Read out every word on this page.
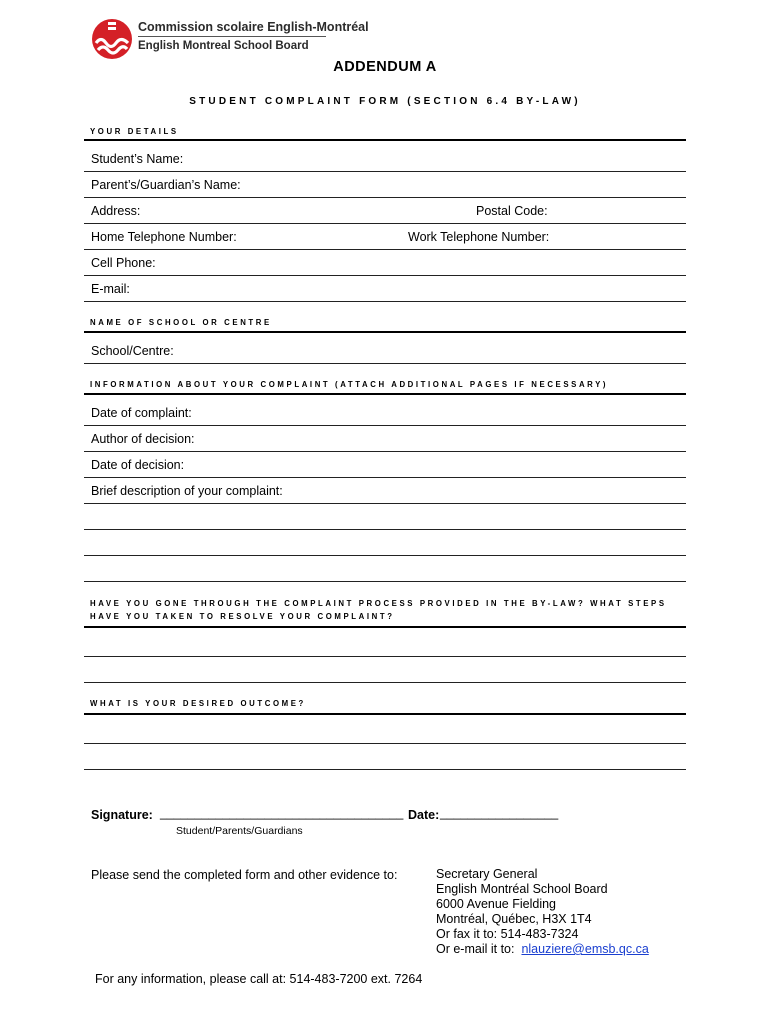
Commission scolaire English-Montréal
English Montreal School Board
ADDENDUM A
STUDENT COMPLAINT FORM (SECTION 6.4 BY-LAW)
YOUR DETAILS
Student’s Name:
Parent’s/Guardian’s Name:
Address:	Postal Code:
Home Telephone Number:	Work Telephone Number:
Cell Phone:
E-mail:
NAME OF SCHOOL OR CENTRE
School/Centre:
INFORMATION ABOUT YOUR COMPLAINT (ATTACH ADDITIONAL PAGES IF NECESSARY)
Date of complaint:
Author of decision:
Date of decision:
Brief description of your complaint:
HAVE YOU GONE THROUGH THE COMPLAINT PROCESS PROVIDED IN THE BY-LAW? WHAT STEPS
HAVE YOU TAKEN TO RESOLVE YOUR COMPLAINT?
WHAT IS YOUR DESIRED OUTCOME?
Signature: ___________________________________ Date: _________________
Student/Parents/Guardians
Please send the completed form and other evidence to:	Secretary General
English Montréal School Board
6000 Avenue Fielding
Montréal, Québec, H3X 1T4
Or fax it to: 514-483-7324
Or e-mail it to: nlauziere@emsb.qc.ca
For any information, please call at: 514-483-7200 ext. 7264
